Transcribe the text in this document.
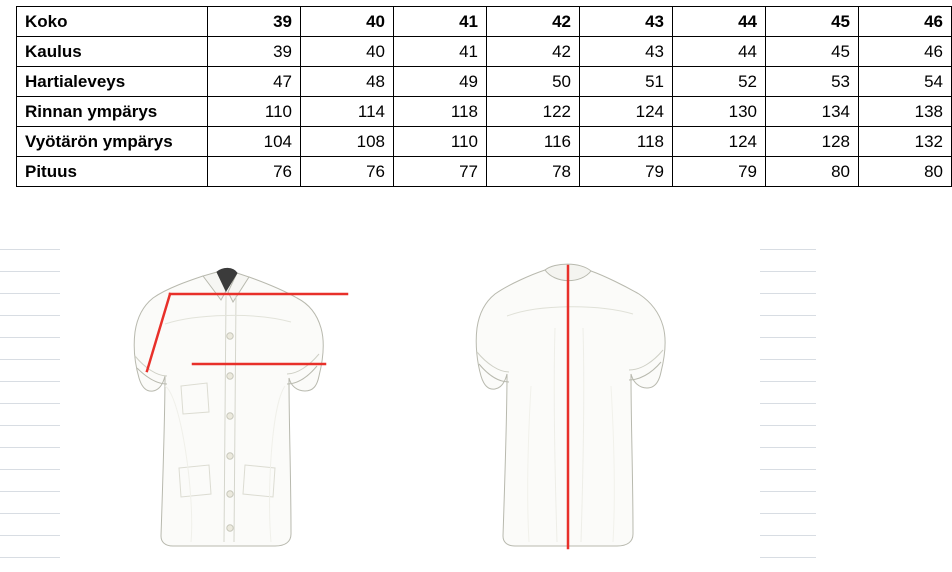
Koko	39	40	41	42	43	44	45	46
Kaulus	39	40	41	42	43	44	45	46
Hartialeveys	47	48	49	50	51	52	53	54
Rinnan ympärys	110	114	118	122	124	130	134	138
Vyötärön ympärys	104	108	110	116	118	124	128	132
Pituus	76	76	77	78	79	79	80	80
